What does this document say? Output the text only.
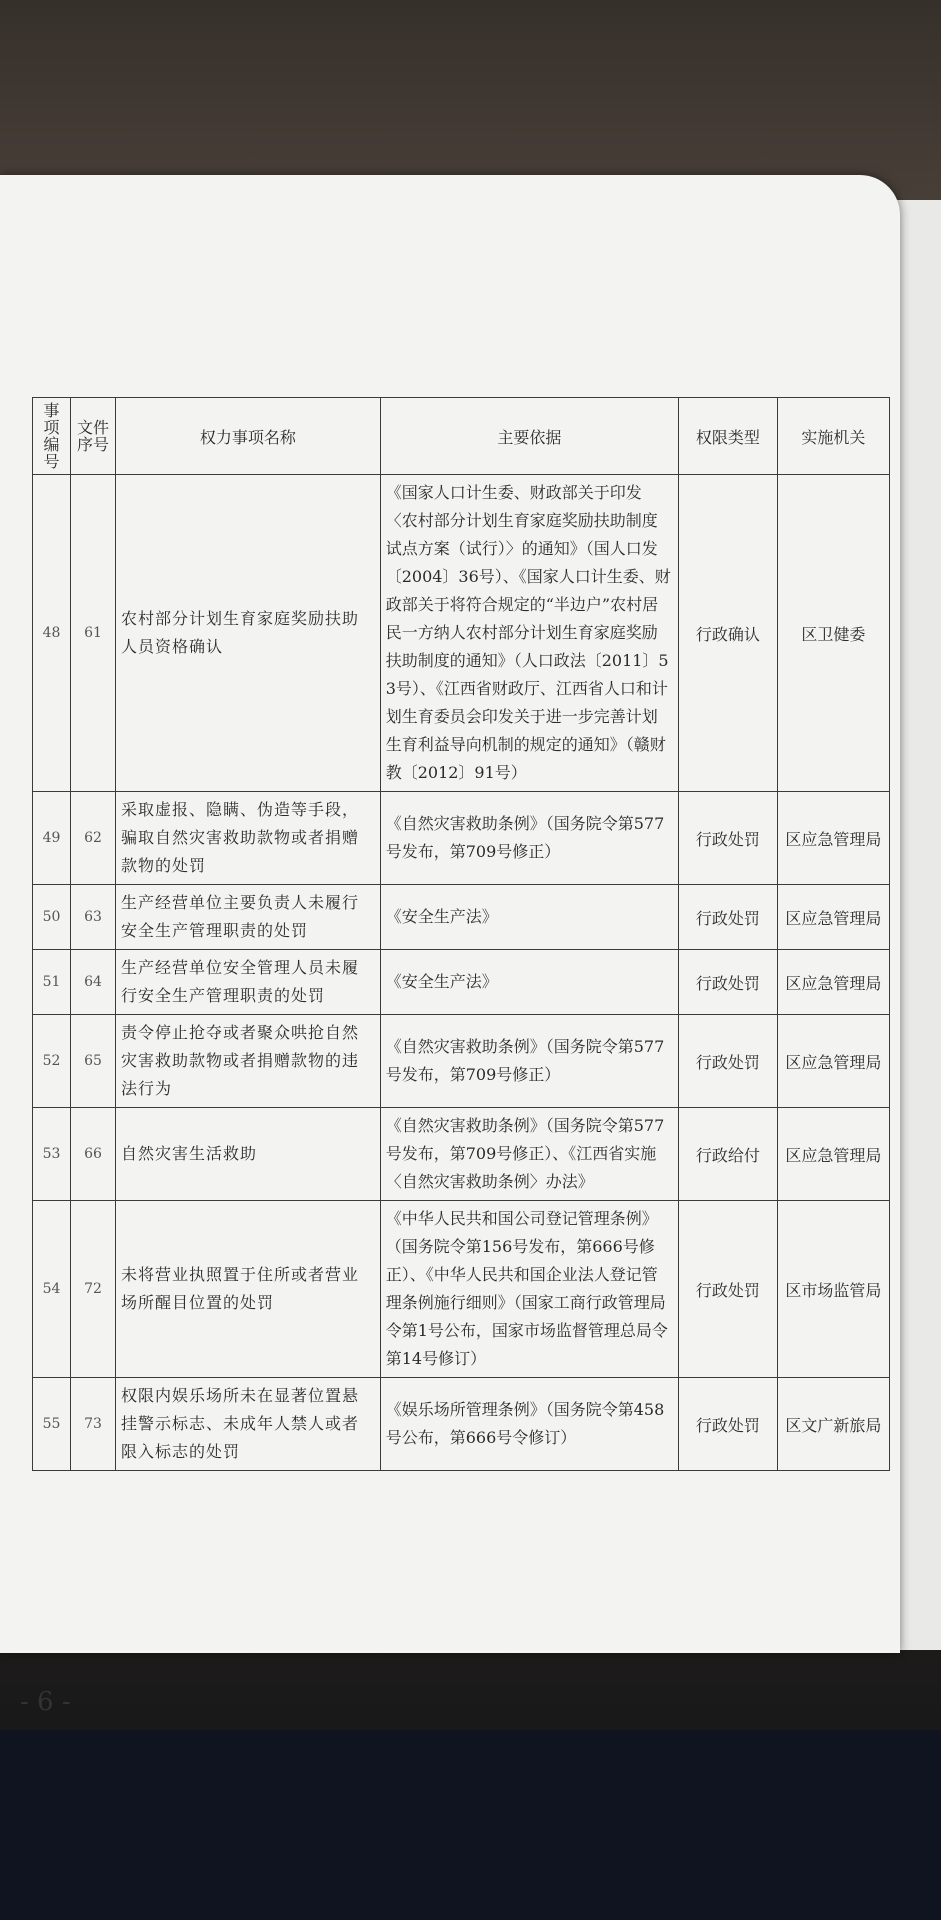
事项编号	文件序号	权力事项名称	主要依据	权限类型	实施机关
48	61	农村部分计划生育家庭奖励扶助人员资格确认	《国家人口计生委、财政部关于印发〈农村部分计划生育家庭奖励扶助制度试点方案（试行）〉的通知》（国人口发〔2004〕36号）、《国家人口计生委、财政部关于将符合规定的“半边户”农村居民一方纳人农村部分计划生育家庭奖励扶助制度的通知》（人口政法〔2011〕53号）、《江西省财政厅、江西省人口和计划生育委员会印发关于进一步完善计划生育利益导向机制的规定的通知》（赣财教〔2012〕91号）	行政确认	区卫健委
49	62	采取虚报、隐瞒、伪造等手段，骗取自然灾害救助款物或者捐赠款物的处罚	《自然灾害救助条例》（国务院令第577号发布，第709号修正）	行政处罚	区应急管理局
50	63	生产经营单位主要负责人未履行安全生产管理职责的处罚	《安全生产法》	行政处罚	区应急管理局
51	64	生产经营单位安全管理人员未履行安全生产管理职责的处罚	《安全生产法》	行政处罚	区应急管理局
52	65	责令停止抢夺或者聚众哄抢自然灾害救助款物或者捐赠款物的违法行为	《自然灾害救助条例》（国务院令第577号发布，第709号修正）	行政处罚	区应急管理局
53	66	自然灾害生活救助	《自然灾害救助条例》（国务院令第577号发布，第709号修正）、《江西省实施〈自然灾害救助条例〉办法》	行政给付	区应急管理局
54	72	未将营业执照置于住所或者营业场所醒目位置的处罚	《中华人民共和国公司登记管理条例》（国务院令第156号发布，第666号修正）、《中华人民共和国企业法人登记管理条例施行细则》（国家工商行政管理局令第1号公布，国家市场监督管理总局令第14号修订）	行政处罚	区市场监管局
55	73	权限内娱乐场所未在显著位置悬挂警示标志、未成年人禁人或者限入标志的处罚	《娱乐场所管理条例》（国务院令第458号公布，第666号令修订）	行政处罚	区文广新旅局
- 6 -
